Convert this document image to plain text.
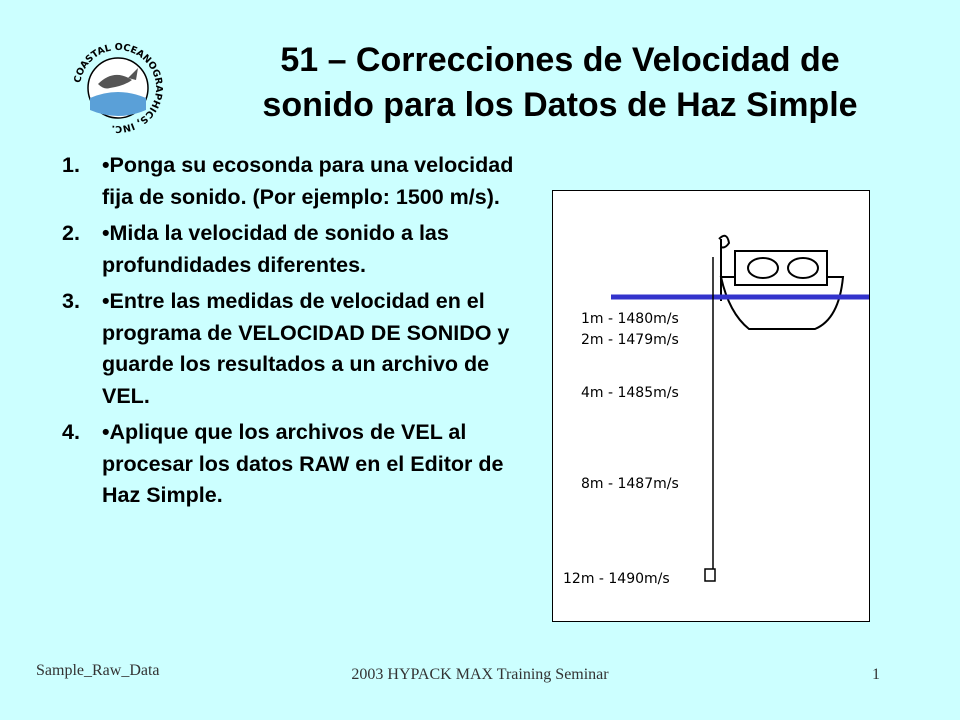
COASTAL OCEANOGRAPHICS, INC.
51 – Correcciones de Velocidad de
sonido para los Datos de Haz Simple
1.	•Ponga su ecosonda para una velocidad fija de sonido. (Por ejemplo: 1500 m/s).
2.	•Mida la velocidad de sonido a las profundidades diferentes.
3.	•Entre las medidas de velocidad en el programa de VELOCIDAD DE SONIDO y guarde los resultados a un archivo de VEL.
4.	•Aplique que los archivos de VEL al procesar los datos RAW en el Editor de Haz Simple.
1m - 1480m/s
2m - 1479m/s
4m - 1485m/s
8m - 1487m/s
12m - 1490m/s
Sample_Raw_Data	2003 HYPACK MAX Training Seminar	1
